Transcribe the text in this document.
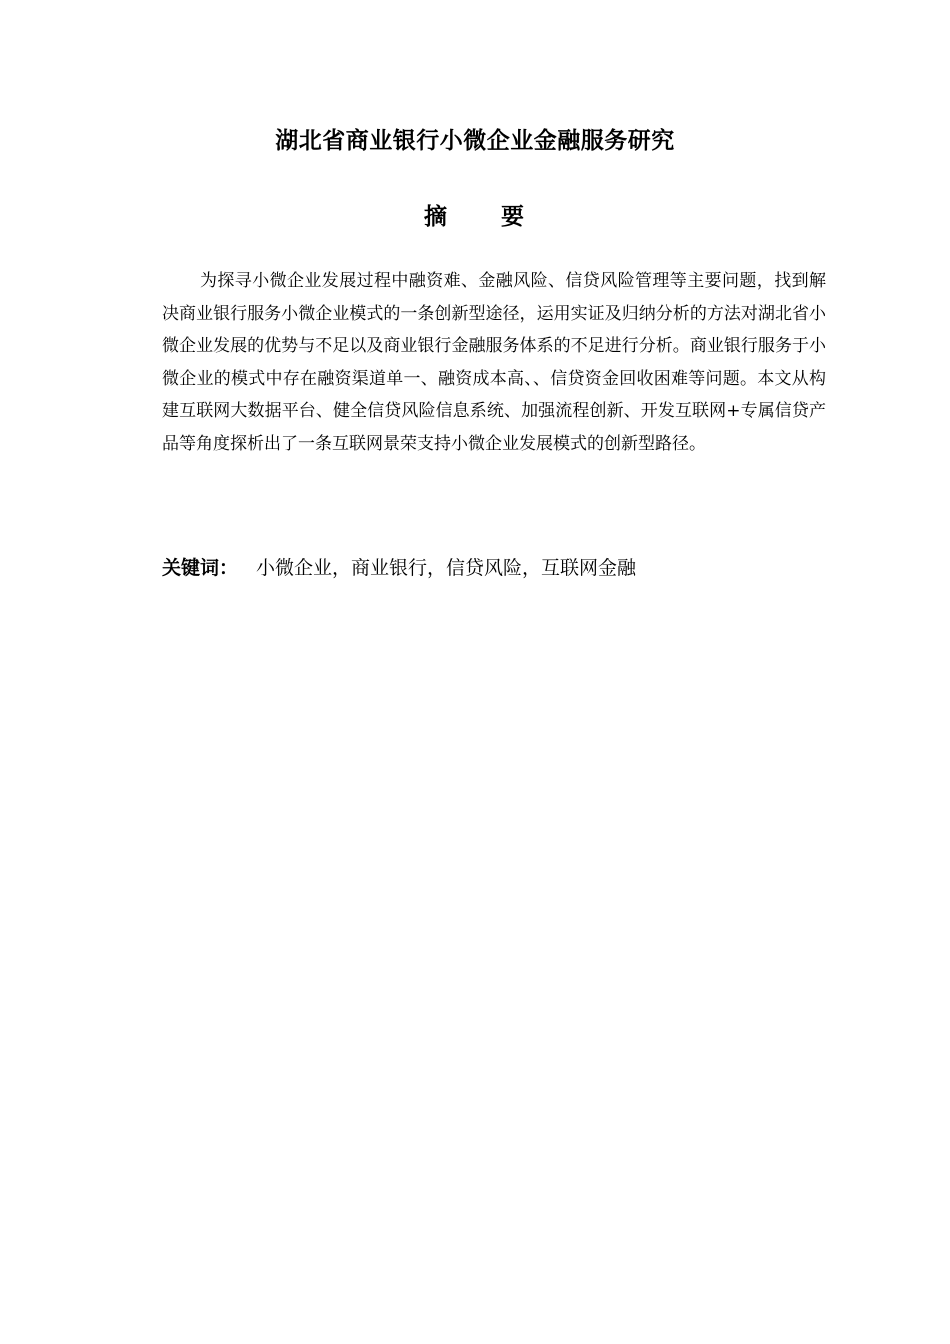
湖北省商业银行小微企业金融服务研究
摘 要

为探寻小微企业发展过程中融资难、金融风险、信贷风险管理等主要问题，找到解决商业银行服务小微企业模式的一条创新型途径，运用实证及归纳分析的方法对湖北省小微企业发展的优势与不足以及商业银行金融服务体系的不足进行分析。商业银行服务于小微企业的模式中存在融资渠道单一、融资成本高、、信贷资金回收困难等问题。本文从构建互联网大数据平台、健全信贷风险信息系统、加强流程创新、开发互联网+专属信贷产品等角度探析出了一条互联网景荣支持小微企业发展模式的创新型路径。

关键词： 小微企业，商业银行，信贷风险，互联网金融
